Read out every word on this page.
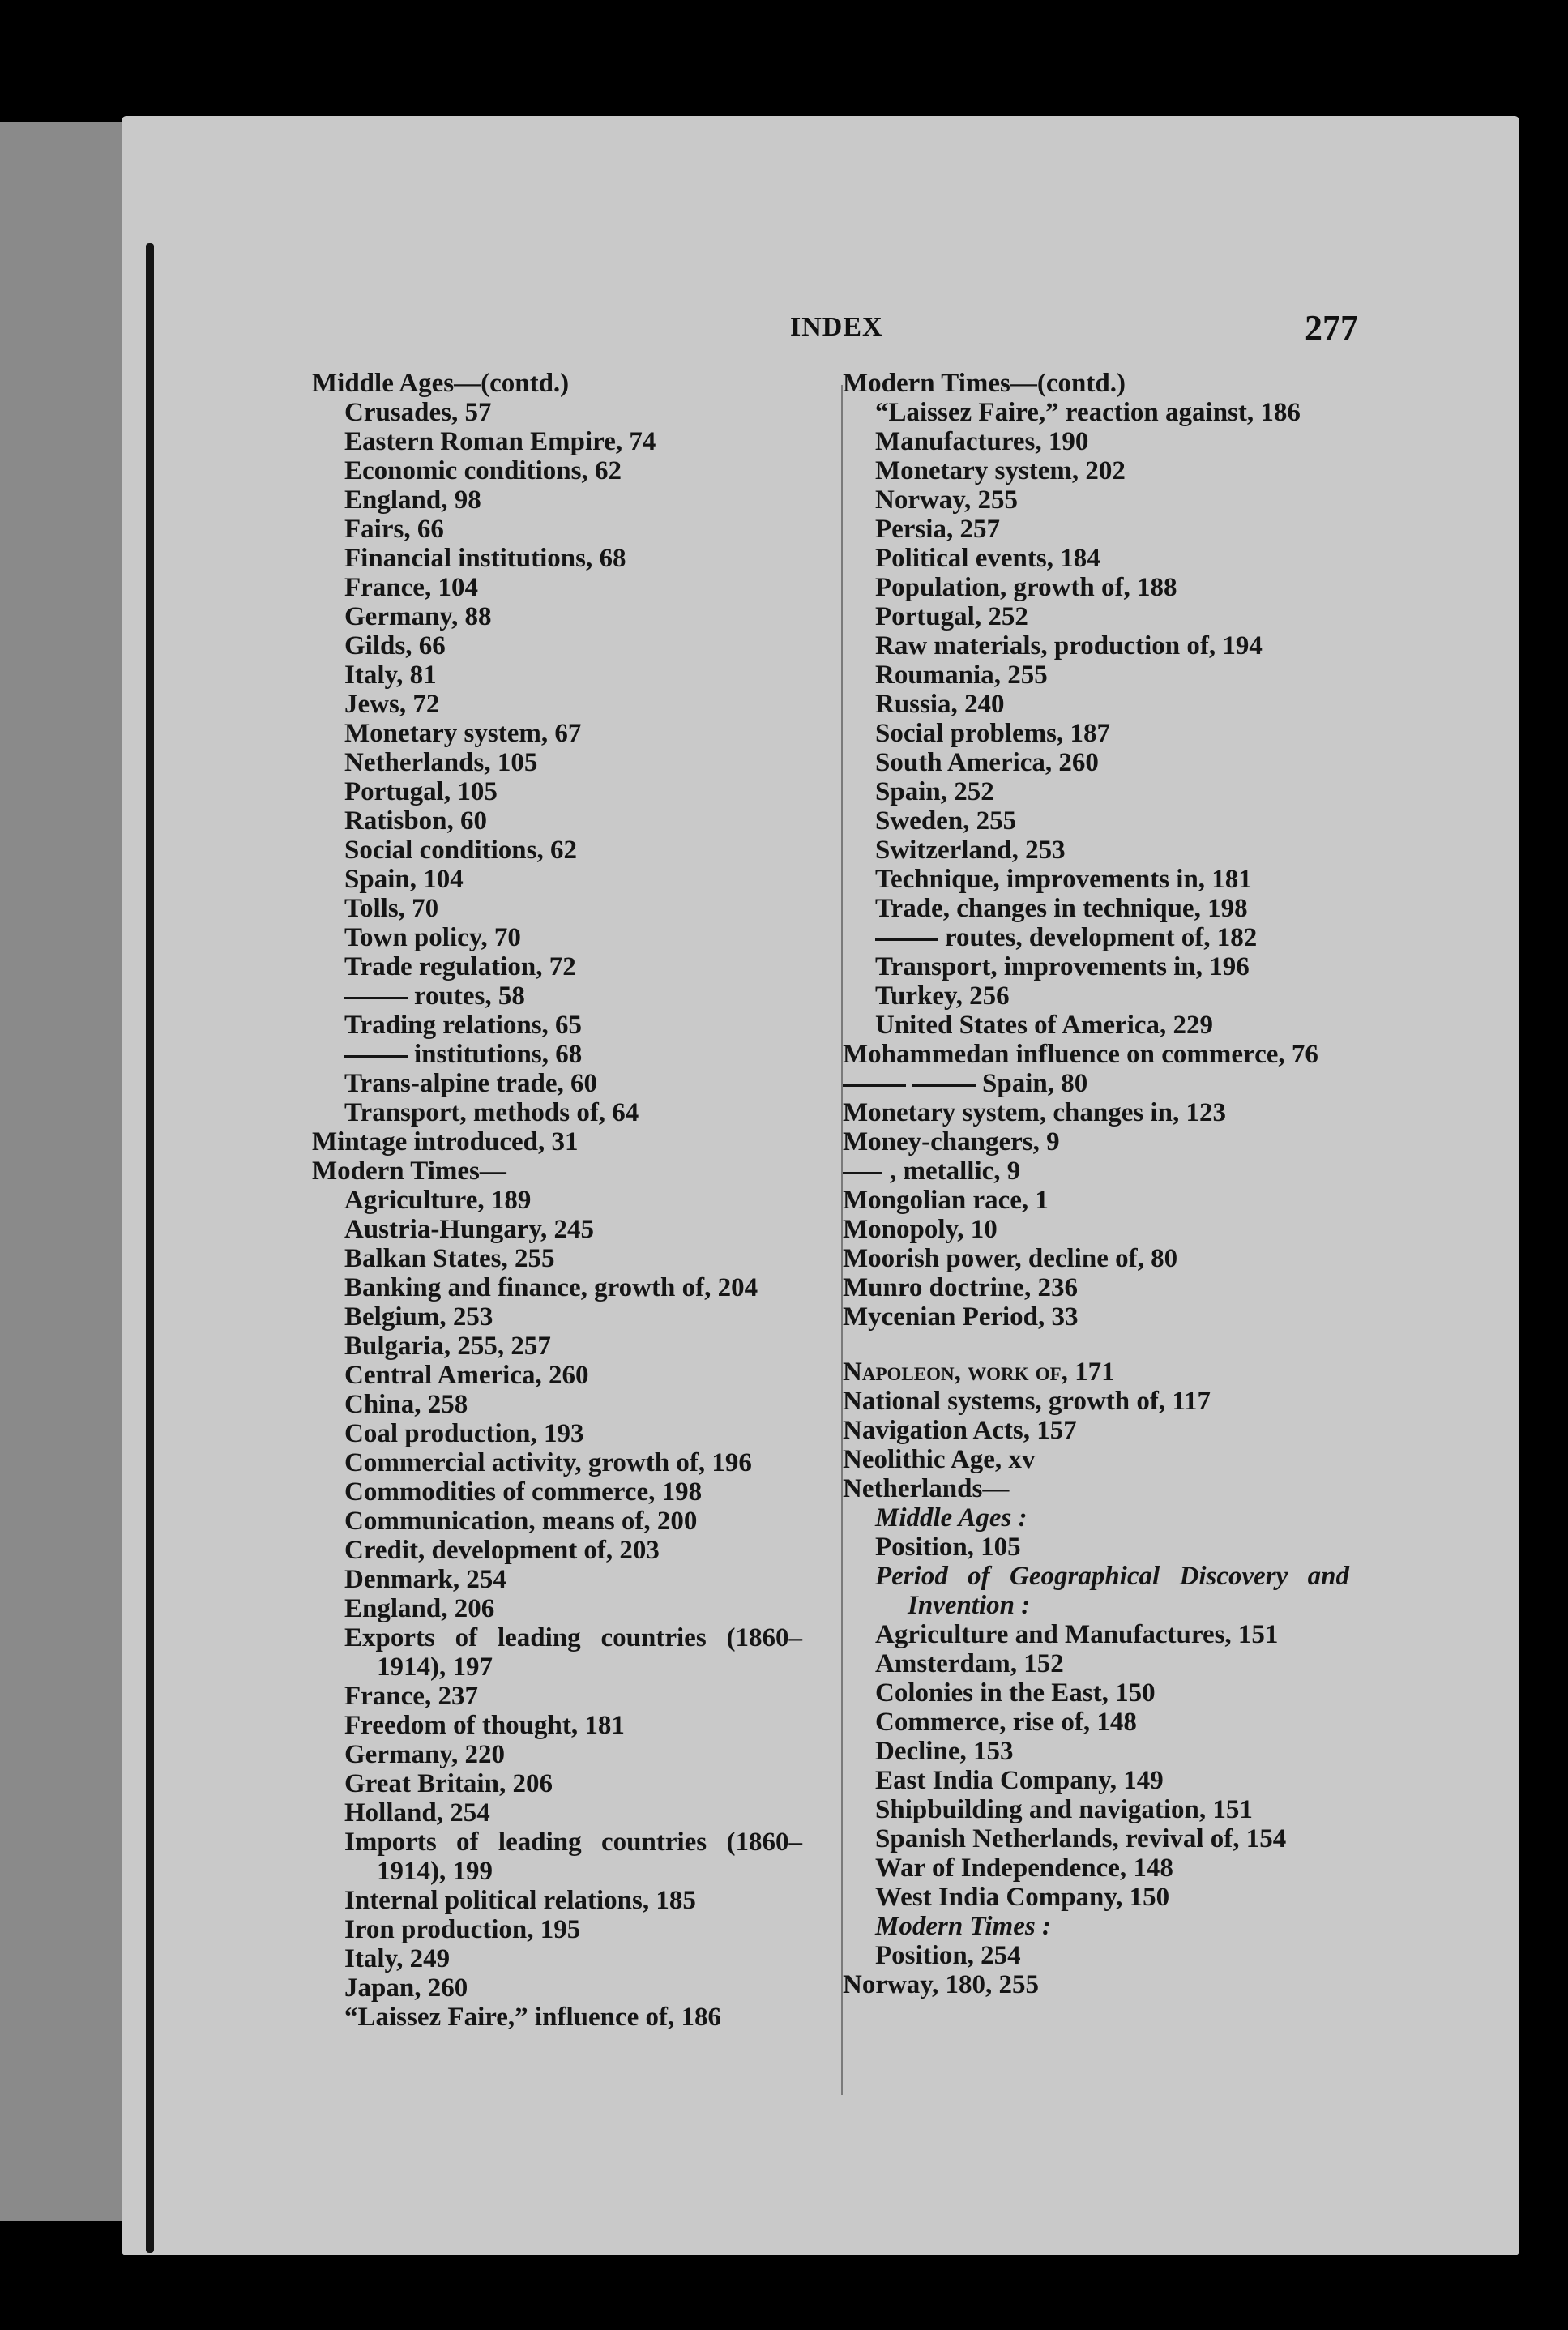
INDEX	277
Middle Ages—(contd.)
Crusades, 57
Eastern Roman Empire, 74
Economic conditions, 62
England, 98
Fairs, 66
Financial institutions, 68
France, 104
Germany, 88
Gilds, 66
Italy, 81
Jews, 72
Monetary system, 67
Netherlands, 105
Portugal, 105
Ratisbon, 60
Social conditions, 62
Spain, 104
Tolls, 70
Town policy, 70
Trade regulation, 72
routes, 58
Trading relations, 65
institutions, 68
Trans-alpine trade, 60
Transport, methods of, 64
Mintage introduced, 31
Modern Times—
Agriculture, 189
Austria-Hungary, 245
Balkan States, 255
Banking and finance, growth of, 204
Belgium, 253
Bulgaria, 255, 257
Central America, 260
China, 258
Coal production, 193
Commercial activity, growth of, 196
Commodities of commerce, 198
Communication, means of, 200
Credit, development of, 203
Denmark, 254
England, 206
Exports of leading countries (1860–1914), 197
France, 237
Freedom of thought, 181
Germany, 220
Great Britain, 206
Holland, 254
Imports of leading countries (1860–1914), 199
Internal political relations, 185
Iron production, 195
Italy, 249
Japan, 260
“Laissez Faire,” influence of, 186
Modern Times—(contd.)
“Laissez Faire,” reaction against, 186
Manufactures, 190
Monetary system, 202
Norway, 255
Persia, 257
Political events, 184
Population, growth of, 188
Portugal, 252
Raw materials, production of, 194
Roumania, 255
Russia, 240
Social problems, 187
South America, 260
Spain, 252
Sweden, 255
Switzerland, 253
Technique, improvements in, 181
Trade, changes in technique, 198
routes, development of, 182
Transport, improvements in, 196
Turkey, 256
United States of America, 229
Mohammedan influence on commerce, 76
Spain, 80
Monetary system, changes in, 123
Money-changers, 9
, metallic, 9
Mongolian race, 1
Monopoly, 10
Moorish power, decline of, 80
Munro doctrine, 236
Mycenian Period, 33
Napoleon, work of, 171
National systems, growth of, 117
Navigation Acts, 157
Neolithic Age, xv
Netherlands—
Middle Ages :
Position, 105
Period of Geographical Discovery and Invention :
Agriculture and Manufactures, 151
Amsterdam, 152
Colonies in the East, 150
Commerce, rise of, 148
Decline, 153
East India Company, 149
Shipbuilding and navigation, 151
Spanish Netherlands, revival of, 154
War of Independence, 148
West India Company, 150
Modern Times :
Position, 254
Norway, 180, 255
